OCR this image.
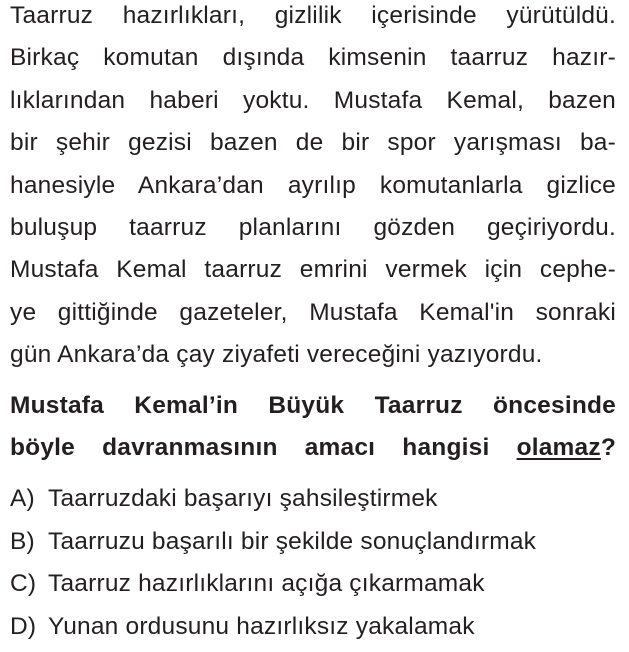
Taarruz hazırlıkları, gizlilik içerisinde yürütüldü.
Birkaç komutan dışında kimsenin taarruz hazır-
lıklarından haberi yoktu. Mustafa Kemal, bazen
bir şehir gezisi bazen de bir spor yarışması ba-
hanesiyle Ankara’dan ayrılıp komutanlarla gizlice
buluşup taarruz planlarını gözden geçiriyordu.
Mustafa Kemal taarruz emrini vermek için cephe-
ye gittiğinde gazeteler, Mustafa Kemal'in sonraki
gün Ankara’da çay ziyafeti vereceğini yazıyordu.
Mustafa Kemal’in Büyük Taarruz öncesinde
böyle davranmasının amacı hangisi olamaz?
A) Taarruzdaki başarıyı şahsileştirmek
B) Taarruzu başarılı bir şekilde sonuçlandırmak
C) Taarruz hazırlıklarını açığa çıkarmamak
D) Yunan ordusunu hazırlıksız yakalamak
